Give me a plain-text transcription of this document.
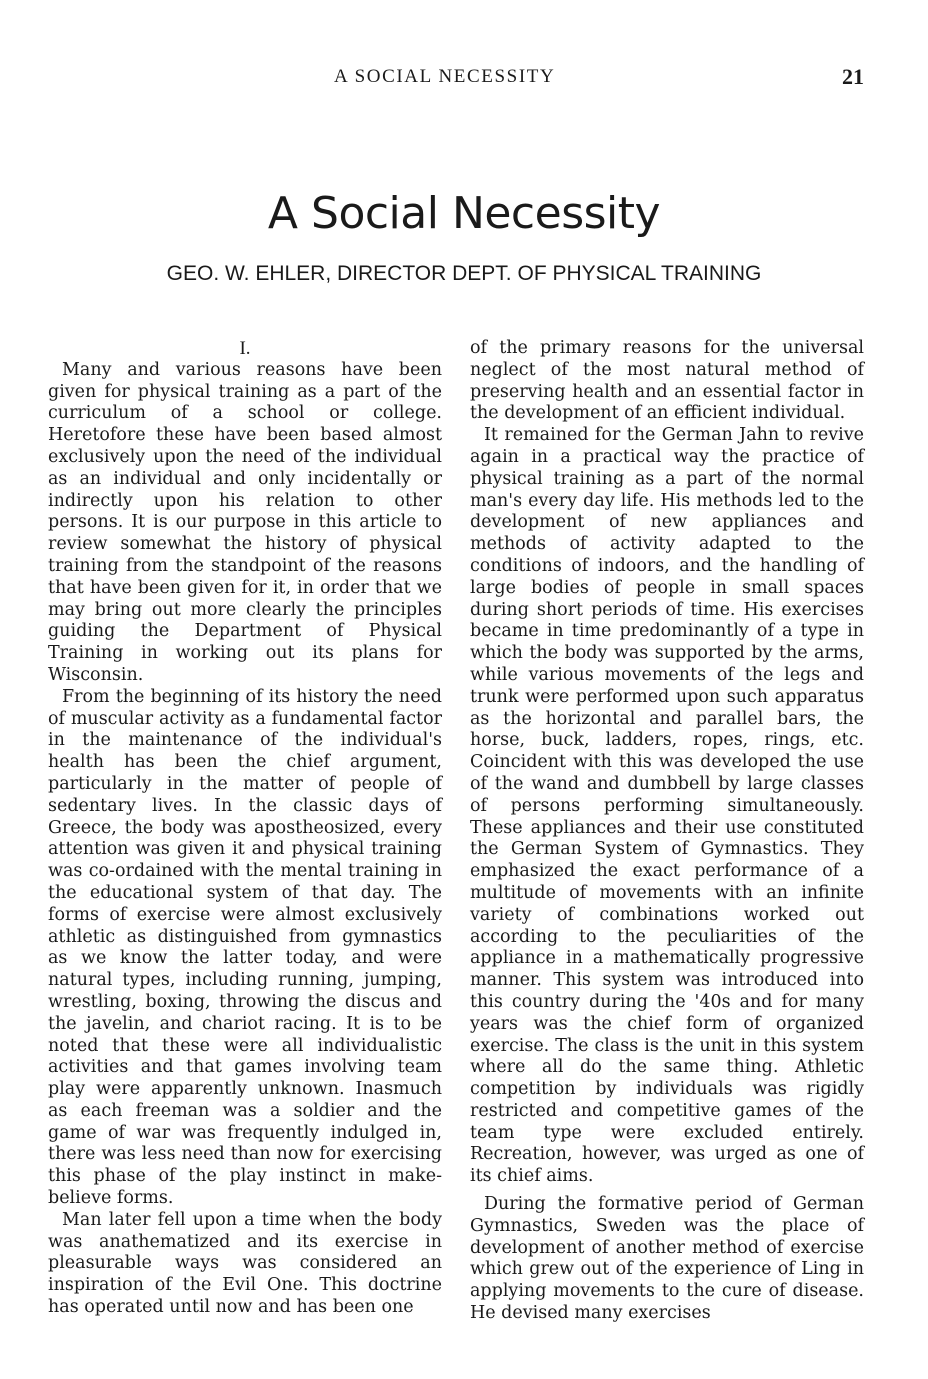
A SOCIAL NECESSITY	21
A Social Necessity
GEO. W. EHLER, DIRECTOR DEPT. OF PHYSICAL TRAINING
I.

Many and various reasons have been given for physical training as a part of the curriculum of a school or college. Heretofore these have been based almost exclusively upon the need of the individual as an individual and only incidentally or indirectly upon his relation to other persons. It is our purpose in this article to review somewhat the history of physical training from the standpoint of the reasons that have been given for it, in order that we may bring out more clearly the principles guiding the Department of Physical Training in working out its plans for Wisconsin.

From the beginning of its history the need of muscular activity as a fundamental factor in the maintenance of the individual's health has been the chief argument, particularly in the matter of people of sedentary lives. In the classic days of Greece, the body was apostheosized, every attention was given it and physical training was co-ordained with the mental training in the educational system of that day. The forms of exercise were almost exclusively athletic as distinguished from gymnastics as we know the latter today, and were natural types, including running, jumping, wrestling, boxing, throwing the discus and the javelin, and chariot racing. It is to be noted that these were all individualistic activities and that games involving team play were apparently unknown. Inasmuch as each freeman was a soldier and the game of war was frequently indulged in, there was less need than now for exercising this phase of the play instinct in make-believe forms.

Man later fell upon a time when the body was anathematized and its exercise in pleasurable ways was considered an inspiration of the Evil One. This doctrine has operated until now and has been one

of the primary reasons for the universal neglect of the most natural method of preserving health and an essential factor in the development of an efficient individual.

It remained for the German Jahn to revive again in a practical way the practice of physical training as a part of the normal man's every day life. His methods led to the development of new appliances and methods of activity adapted to the conditions of indoors, and the handling of large bodies of people in small spaces during short periods of time. His exercises became in time predominantly of a type in which the body was supported by the arms, while various movements of the legs and trunk were performed upon such apparatus as the horizontal and parallel bars, the horse, buck, ladders, ropes, rings, etc. Coincident with this was developed the use of the wand and dumbbell by large classes of persons performing simultaneously. These appliances and their use constituted the German System of Gymnastics. They emphasized the exact performance of a multitude of movements with an infinite variety of combinations worked out according to the peculiarities of the appliance in a mathematically progressive manner. This system was introduced into this country during the '40s and for many years was the chief form of organized exercise. The class is the unit in this system where all do the same thing. Athletic competition by individuals was rigidly restricted and competitive games of the team type were excluded entirely. Recreation, however, was urged as one of its chief aims.

During the formative period of German Gymnastics, Sweden was the place of development of another method of exercise which grew out of the experience of Ling in applying movements to the cure of disease. He devised many exercises
